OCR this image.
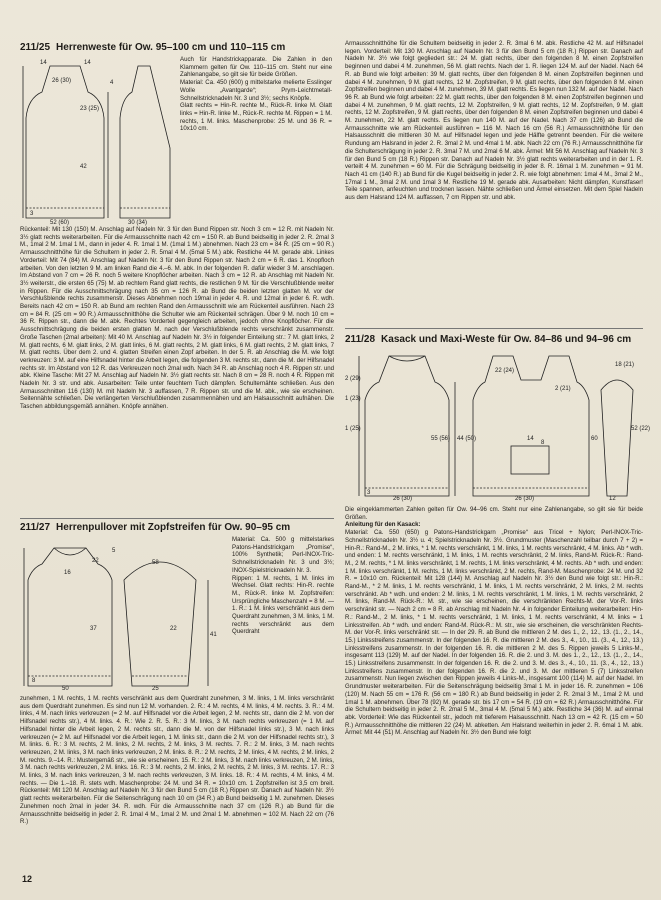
211/25 Herrenweste für Ow. 95–100 cm und 110–115 cm
14
26 (30)
14
4
23 (25)
42
52 (60)	30 (34)
3

Auch für Handstrickapparate. Die Zahlen in den Klammern gelten für Ow. 110–115 cm. Steht nur eine Zahlenangabe, so gilt sie für beide Größen.

Material: Ca. 450 (600) g mittelstarke melierte Esslinger Wolle „Avantgarde“; Prym-Leichtmetall-Schnellstricknadeln Nr. 3 und 3½; sechs Knöpfe.

Glatt rechts = Hin-R. rechte M., Rück-R. linke M. Glatt links = Hin-R. linke M., Rück-R. rechte M. Rippen = 1 M. rechts, 1 M. links. Maschenprobe: 25 M. und 36 R. = 10x10 cm.

Rückenteil: Mit 130 (150) M. Anschlag auf Nadeln Nr. 3 für den Bund Rippen str. Noch 3 cm = 12 R. mit Nadeln Nr. 3½ glatt rechts weiterarbeiten. Für die Armausschnitte nach 42 cm = 150 R. ab Bund beidseitig in jeder 2. R. 2mal 3 M., 1mal 2 M. 1mal 1 M., dann in jeder 4. R. 1mal 1 M. (1mal 1 M.) abnehmen. Nach 23 cm = 84 R. (25 cm = 90 R.) Armausschnitthöhe für die Schultern in jeder 2. R. 5mal 4 M. (5mal 5 M.) abk. Restliche 44 M. gerade abk. Linkes Vorderteil: Mit 74 (84) M. Anschlag auf Nadeln Nr. 3 für den Bund Rippen str. Nach 2 cm = 6 R. das 1. Knopfloch arbeiten. Von den letzten 9 M. am linken Rand die 4.–6. M. abk. In der folgenden R. dafür wieder 3 M. anschlagen. Im Abstand von 7 cm = 26 R. noch 5 weitere Knopflöcher arbeiten. Nach 3 cm = 12 R. ab Anschlag mit Nadeln Nr. 3½ weiterstr., die ersten 65 (75) M. ab rechtem Rand glatt rechts, die restlichen 9 M. für die Verschlußblende weiter in Rippen. Für die Ausschnittschrägung nach 35 cm = 126 R. ab Bund die beiden letzten glatten M. vor der Verschlußblende rechts zusammenstr. Dieses Abnehmen noch 19mal in jeder 4. R. und 12mal in jeder 6. R. wdh. Bereits nach 42 cm = 150 R. ab Bund am rechten Rand den Armausschnitt wie am Rückenteil ausführen. Nach 23 cm = 84 R. (25 cm = 90 R.) Armausschnitthöhe die Schulter wie am Rückenteil schrägen. Über 9 M. noch 10 cm = 36 R. Rippen str., dann die M. abk. Rechtes Vorderteil gegengleich arbeiten, jedoch ohne Knopflöcher. Für die Ausschnittschrägung die beiden ersten glatten M. nach der Verschlußblende rechts verschränkt zusammenstr. Große Taschen (2mal arbeiten): Mit 40 M. Anschlag auf Nadeln Nr. 3½ in folgender Einteilung str.: 7 M. glatt links, 2 M. glatt rechts, 6 M. glatt links, 2 M. glatt links, 6 M. glatt rechts, 2 M. glatt links, 6 M. glatt rechts, 2 M. glatt links, 7 M. glatt rechts. Über dem 2. und 4. glatten Streifen einen Zopf arbeiten. In der 5. R. ab Anschlag die M. wie folgt verkreuzen: 3 M. auf eine Hilfsnadel hinter die Arbeit legen, die folgenden 3 M. rechts str., dann die M. der Hilfsnadel rechts str. Im Abstand von 12 R. das Verkreuzen noch 2mal wdh. Nach 34 R. ab Anschlag noch 4 R. Rippen str. und abk. Kleine Tasche: Mit 27 M. Anschlag auf Nadeln Nr. 3½ glatt rechts str. Nach 8 cm = 28 R. noch 4 R. Rippen mit Nadeln Nr. 3 str. und abk. Ausarbeiten: Teile unter feuchtem Tuch dämpfen. Schulternähte schließen. Aus den Armausschnitten 116 (130) M. mit Nadeln Nr. 3 auffassen, 7 R. Rippen str. und die M. abk., wie sie erscheinen. Seitennähte schließen. Die verlängerten Verschlußblenden zusammennähen und am Halsausschnitt aufnähen. Die Taschen abbildungsgemäß annähen. Knöpfe annähen.

211/27 Herrenpullover mit Zopfstreifen für Ow. 90–95 cm
5
41
22
37
16
25
50
8
58
22

Material: Ca. 500 g mittelstarkes Patons-Handstrickgarn „Promise“, 100% Synthetik; Perl-INOX-Tric-Schnellstricknadeln Nr. 3 und 3½; INOX-Spielstricknadeln Nr. 3.

Rippen: 1 M. rechts, 1 M. links im Wechsel. Glatt rechts: Hin-R. rechte M., Rück-R. linke M. Zopfstreifen: Ursprüngliche Maschenzahl = 8 M. — 1. R.: 1 M. links verschränkt aus dem Querdraht zunehmen, 3 M. links, 1 M. rechts verschränkt aus dem Querdraht

zunehmen, 1 M. rechts, 1 M. rechts verschränkt aus dem Querdraht zunehmen, 3 M. links, 1 M. links verschränkt aus dem Querdraht zunehmen. Es sind nun 12 M. vorhanden. 2. R.: 4 M. rechts, 4 M. links, 4 M. rechts. 3. R.: 4 M. links, 4 M. nach links verkreuzen (= 2 M. auf Hilfsnadel vor die Arbeit legen, 2 M. rechts str., dann die 2 M. von der Hilfsnadel rechts str.), 4 M. links. 4. R.: Wie 2. R. 5. R.: 3 M. links, 3 M. nach rechts verkreuzen (= 1 M. auf Hilfsnadel hinter die Arbeit legen, 2 M. rechts str., dann die M. von der Hilfsnadel links str.), 3 M. nach links verkreuzen (= 2 M. auf Hilfsnadel vor die Arbeit legen, 1 M. links str., dann die 2 M. von der Hilfsnadel rechts str.), 3 M. links. 6. R.: 3 M. rechts, 2 M. links, 2 M. rechts, 2 M. links, 3 M. rechts. 7. R.: 2 M. links, 3 M. nach rechts verkreuzen, 2 M. links, 3 M. nach links verkreuzen, 2 M. links. 8. R.: 2 M. rechts, 2 M. links, 4 M. rechts, 2 M. links, 2 M. rechts. 9.–14. R.: Mustergemäß str., wie sie erscheinen. 15. R.: 2 M. links, 3 M. nach links verkreuzen, 2 M. links, 3 M. nach rechts verkreuzen, 2 M. links. 16. R.: 3 M. rechts, 2 M. links, 2 M. rechts, 2 M. links, 3 M. rechts. 17. R.: 3 M. links, 3 M. nach links verkreuzen, 3 M. nach rechts verkreuzen, 3 M. links. 18. R.: 4 M. rechts, 4 M. links, 4 M. rechts. — Die 1.–18. R. stets wdh. Maschenprobe: 24 M. und 34 R. = 10x10 cm. 1 Zopfstreifen ist 3,5 cm breit. Rückenteil: Mit 120 M. Anschlag auf Nadeln Nr. 3 für den Bund 5 cm (18 R.) Rippen str. Danach auf Nadeln Nr. 3½ glatt rechts weiterarbeiten. Für die Seitenschrägung nach 10 cm (34 R.) ab Bund beidseitig 1 M. zunehmen. Dieses Zunehmen noch 2mal in jeder 34. R. wdh. Für die Armausschnitte nach 37 cm (126 R.) ab Bund für die Armausschnitte beidseitig in jeder 2. R. 1mal 4 M., 1mal 2 M. und 2mal 1 M. abnehmen = 102 M. Nach 22 cm (76 R.)

Armausschnitthöhe für die Schultern beidseitig in jeder 2. R. 3mal 6 M. abk. Restliche 42 M. auf Hilfsnadel legen. Vorderteil: Mit 130 M. Anschlag auf Nadeln Nr. 3 für den Bund 5 cm (18 R.) Rippen str. Danach auf Nadeln Nr. 3½ wie folgt gegliedert str.: 24 M. glatt rechts, über den folgenden 8 M. einen Zopfstreifen beginnen und dabei 4 M. zunehmen, 56 M. glatt rechts. Nach der 1. R. liegen 124 M. auf der Nadel. Nach 64 R. ab Bund wie folgt arbeiten: 39 M. glatt rechts, über den folgenden 8 M. einen Zopfstreifen beginnen und dabei 4 M. zunehmen, 9 M. glatt rechts, 12 M. Zopfstreifen, 9 M. glatt rechts, über den folgenden 8 M. einen Zopfstreifen beginnen und dabei 4 M. zunehmen, 39 M. glatt rechts. Es liegen nun 132 M. auf der Nadel. Nach 96 R. ab Bund wie folgt arbeiten: 22 M. glatt rechts, über den folgenden 8 M. einen Zopfstreifen beginnen und dabei 4 M. zunehmen, 9 M. glatt rechts, 12 M. Zopfstreifen, 9 M. glatt rechts, 12 M. Zopfstreifen, 9 M. glatt rechts, 12 M. Zopfstreifen, 9 M. glatt rechts, über den folgenden 8 M. einen Zopfstreifen beginnen und dabei 4 M. zunehmen, 22 M. glatt rechts. Es liegen nun 140 M. auf der Nadel. Nach 37 cm (126) ab Bund die Armausschnitte wie am Rückenteil ausführen = 116 M. Nach 16 cm (56 R.) Armausschnitthöhe für den Halsausschnitt die mittleren 30 M. auf Hilfsnadel legen und jede Hälfte getrennt beenden. Für die weitere Rundung am Halsrand in jeder 2. R. 3mal 2 M. und 4mal 1 M. abk. Nach 22 cm (76 R.) Armausschnitthöhe für die Schulterschrägung in jeder 2. R. 3mal 7 M. und 2mal 6 M. abk. Ärmel: Mit 56 M. Anschlag auf Nadeln Nr. 3 für den Bund 5 cm (18 R.) Rippen str. Danach auf Nadeln Nr. 3½ glatt rechts weiterarbeiten und in der 1. R. verteilt 4 M. zunehmen = 60 M. Für die Schrägung beidseitig in jeder 8. R. 16mal 1 M. zunehmen = 91 M. Nach 41 cm (140 R.) ab Bund für die Kugel beidseitig in jeder 2. R. wie folgt abnehmen: 1mal 4 M., 3mal 2 M., 17mal 1 M., 3mal 2 M. und 1mal 3 M. Restliche 19 M. gerade abk. Ausarbeiten: Nicht dämpfen, Kunstfaser! Teile spannen, anfeuchten und trocknen lassen. Nähte schließen und Ärmel einsetzen. Mit dem Spiel Nadeln aus dem Halsrand 124 M. auffassen, 7 cm Rippen str. und abk.

211/28 Kasack und Maxi-Weste für Ow. 84–86 und 94–96 cm
2 (29)
1 (23)
26 (30)
55 (56) 44 (50)
2 (21)
60
8
22 (24)
1 (25)
18 (21)
14
52 (22)
26 (30)	12
3

Die eingeklammerten Zahlen gelten für Ow. 94–96 cm. Steht nur eine Zahlenangabe, so gilt sie für beide Größen.

Anleitung für den Kasack:

Material: Ca. 550 (650) g Patons-Handstrickgarn „Promise“ aus Tricel + Nylon; Perl-INOX-Tric-Schnellstricknadeln Nr. 3½ u. 4; Spielstricknadeln Nr. 3½. Grundmuster (Maschenzahl teilbar durch 7 + 2) = Hin-R.: Rand-M., 2 M. links, * 1 M. rechts verschränkt, 1 M. links, 1 M. rechts verschränkt, 4 M. links. Ab * wdh. und enden: 1 M. rechts verschränkt, 1 M. links, 1 M. rechts verschränkt, 2 M. links, Rand-M. Rück-R.: Rand-M., 2 M. rechts, * 1 M. links verschränkt, 1 M. rechts, 1 M. links verschränkt, 4 M. rechts. Ab * wdh. und enden: 1 M. links verschränkt, 1 M. rechts, 1 M. links verschränkt, 2 M. rechts, Rand-M. Maschenprobe: 24 M. und 32 R. = 10x10 cm. Rückenteil: Mit 128 (144) M. Anschlag auf Nadeln Nr. 3½ den Bund wie folgt str.: Hin-R.: Rand-M., * 2 M. links, 1 M. rechts verschränkt, 1 M. links, 1 M. rechts verschränkt, 2 M. links, 2 M. rechts verschränkt. Ab * wdh. und enden: 2 M. links, 1 M. rechts verschränkt, 1 M. links, 1 M. rechts verschränkt, 2 M. links, Rand-M. Rück-R.: M. str., wie sie erscheinen, die verschränkten Rechts-M. der Vor-R. links verschränkt str. — Nach 2 cm = 8 R. ab Anschlag mit Nadeln Nr. 4 in folgender Einteilung weiterarbeiten: Hin-R.: Rand-M., 2 M. links, * 1 M. rechts verschränkt, 1 M. links, 1 M. rechts verschränkt, 4 M. links = 1 Linksstreifen. Ab * wdh. und enden: Rand-M. Rück-R.: M. str., wie sie erscheinen, die verschränkten Rechts-M. der Vor-R. links verschränkt str. — In der 29. R. ab Bund die mittleren 2 M. des 1., 2., 12., 13. (1., 2., 14., 15.) Linksstreifens zusammenstr. In der folgenden 16. R. die mittleren 2 M. des 3., 4., 10., 11. (3., 4., 12., 13.) Linksstreifens zusammenstr. In der folgenden 16. R. die mittleren 2 M. des 5. Rippen jeweils 5 Links-M., insgesamt 113 (129) M. auf der Nadel. In der folgenden 16. R. die 2. und 3. M. des 1., 2., 12., 13. (1., 2., 14., 15.) Linksstreifens zusammenstr. In der folgenden 16. R. die 2. und 3. M. des 3., 4., 10., 11. (3., 4., 12., 13.) Linksstreifens zusammenstr. In der folgenden 16. R. die 2. und 3. M. der mittleren 5 (7) Linksstreifen zusammenstr. Nun liegen zwischen den Rippen jeweils 4 Links-M., insgesamt 100 (114) M. auf der Nadel. Im Grundmuster weiterarbeiten. Für die Seitenschrägung beidseitig 3mal 1 M. in jeder 16. R. zunehmen = 106 (120) M. Nach 55 cm = 176 R. (56 cm = 180 R.) ab Bund beidseitig in jeder 2. R. 2mal 3 M., 1mal 2 M. und 1mal 1 M. abnehmen. Über 78 (92) M. gerade str. bis 17 cm = 54 R. (19 cm = 62 R.) Armausschnitthöhe. Für die Schultern beidseitig in jeder 2. R. 2mal 5 M., 3mal 4 M. (5mal 5 M.) abk. Restliche 34 (36) M. auf einmal abk. Vorderteil: Wie das Rückenteil str., jedoch mit tieferem Halsausschnitt. Nach 13 cm = 42 R. (15 cm = 50 R.) Armausschnitthöhe die mittleren 22 (24) M. abketten. Am Halsrand weiterhin in jeder 2. R. 6mal 1 M. abk. Ärmel: Mit 44 (51) M. Anschlag auf Nadeln Nr. 3½ den Bund wie folgt

12
